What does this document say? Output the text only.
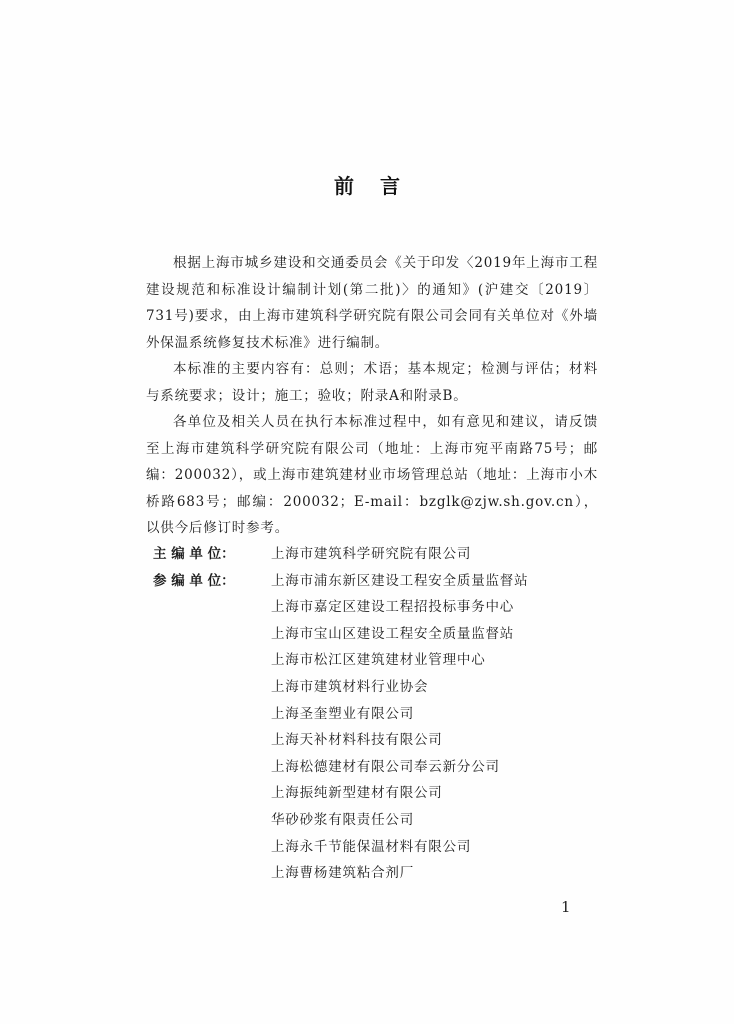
前言

根据上海市城乡建设和交通委员会《关于印发〈2019年上海市工程建设规范和标准设计编制计划(第二批)〉的通知》(沪建交〔2019〕731号)要求，由上海市建筑科学研究院有限公司会同有关单位对《外墙外保温系统修复技术标准》进行编制。

本标准的主要内容有：总则；术语；基本规定；检测与评估；材料与系统要求；设计；施工；验收；附录A和附录B。

各单位及相关人员在执行本标准过程中，如有意见和建议，请反馈至上海市建筑科学研究院有限公司（地址：上海市宛平南路75号；邮编：200032），或上海市建筑建材业市场管理总站（地址：上海市小木桥路683号；邮编：200032；E-mail：bzglk@zjw.sh.gov.cn），以供今后修订时参考。

主 编 单 位：	上海市建筑科学研究院有限公司
参 编 单 位：	上海市浦东新区建设工程安全质量监督站
上海市嘉定区建设工程招投标事务中心
上海市宝山区建设工程安全质量监督站
上海市松江区建筑建材业管理中心
上海市建筑材料行业协会
上海圣奎塑业有限公司
上海天补材料科技有限公司
上海松德建材有限公司奉云新分公司
上海振纯新型建材有限公司
华砂砂浆有限责任公司
上海永千节能保温材料有限公司
上海曹杨建筑粘合剂厂
1
